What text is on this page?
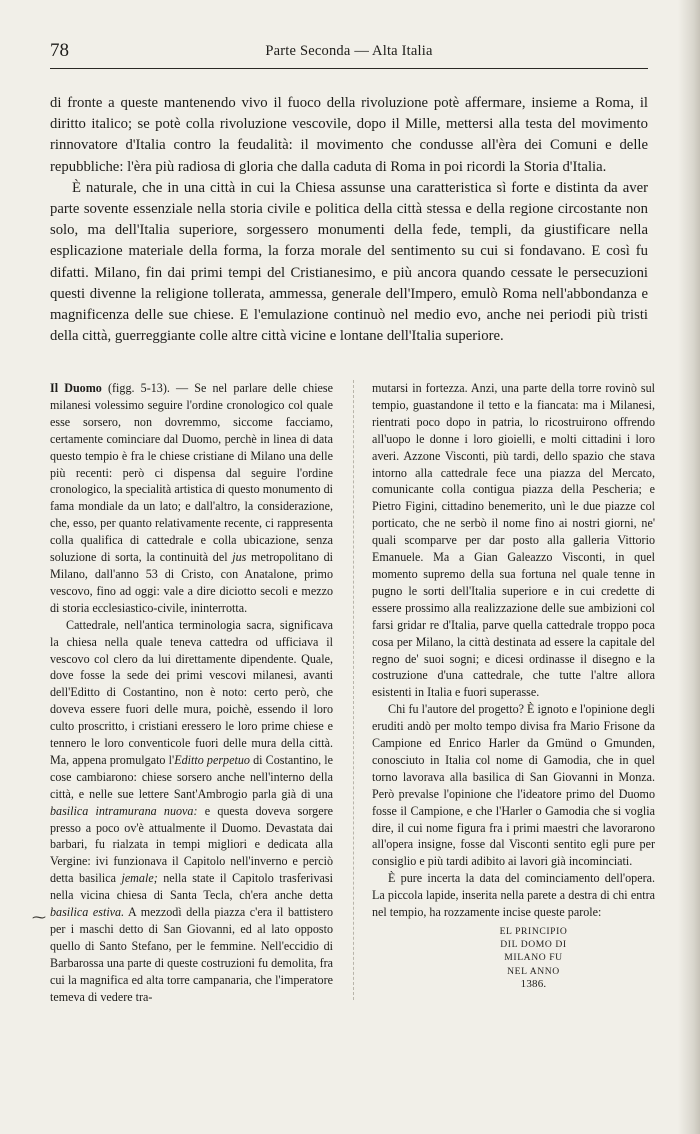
78	Parte Seconda — Alta Italia

di fronte a queste mantenendo vivo il fuoco della rivoluzione potè affermare, insieme a Roma, il diritto italico; se potè colla rivoluzione vescovile, dopo il Mille, mettersi alla testa del movimento rinnovatore d'Italia contro la feudalità: il movimento che condusse all'èra dei Comuni e delle repubbliche: l'èra più radiosa di gloria che dalla caduta di Roma in poi ricordi la Storia d'Italia.

È naturale, che in una città in cui la Chiesa assunse una caratteristica sì forte e distinta da aver parte sovente essenziale nella storia civile e politica della città stessa e della regione circostante non solo, ma dell'Italia superiore, sorgessero monumenti della fede, templi, da giustificare nella esplicazione materiale della forma, la forza morale del sentimento su cui si fondavano. E così fu difatti. Milano, fin dai primi tempi del Cristianesimo, e più ancora quando cessate le persecuzioni questi divenne la religione tollerata, ammessa, generale dell'Impero, emulò Roma nell'abbondanza e magnificenza delle sue chiese. E l'emulazione continuò nel medio evo, anche nei periodi più tristi della città, guerreggiante colle altre città vicine e lontane dell'Italia superiore.

Il Duomo (figg. 5-13). — Se nel parlare delle chiese milanesi volessimo seguire l'ordine cronologico col quale esse sorsero, non dovremmo, siccome facciamo, certamente cominciare dal Duomo, perchè in linea di data questo tempio è fra le chiese cristiane di Milano una delle più recenti: però ci dispensa dal seguire l'ordine cronologico, la specialità artistica di questo monumento di fama mondiale da un lato; e dall'altro, la considerazione, che, esso, per quanto relativamente recente, ci rappresenta colla qualifica di cattedrale e colla ubicazione, senza soluzione di sorta, la continuità del jus metropolitano di Milano, dall'anno 53 di Cristo, con Anatalone, primo vescovo, fino ad oggi: vale a dire diciotto secoli e mezzo di storia ecclesiastico-civile, ininterrotta.

Cattedrale, nell'antica terminologia sacra, significava la chiesa nella quale teneva cattedra od ufficiava il vescovo col clero da lui direttamente dipendente. Quale, dove fosse la sede dei primi vescovi milanesi, avanti dell'Editto di Costantino, non è noto: certo però, che doveva essere fuori delle mura, poichè, essendo il loro culto proscritto, i cristiani eressero le loro prime chiese e tennero le loro conventicole fuori delle mura della città. Ma, appena promulgato l'Editto perpetuo di Costantino, le cose cambiarono: chiese sorsero anche nell'interno della città, e nelle sue lettere Sant'Ambrogio parla già di una basilica intramurana nuova: e questa doveva sorgere presso a poco ov'è attualmente il Duomo. Devastata dai barbari, fu rialzata in tempi migliori e dedicata alla Vergine: ivi funzionava il Capitolo nell'inverno e perciò detta basilica jemale; nella state il Capitolo trasferivasi nella vicina chiesa di Santa Tecla, ch'era anche detta basilica estiva. A mezzodì della piazza c'era il battistero per i maschi detto di San Giovanni, ed al lato opposto quello di Santo Stefano, per le femmine. Nell'eccidio di Barbarossa una parte di queste costruzioni fu demolita, fra cui la magnifica ed alta torre campanaria, che l'imperatore temeva di vedere tra-

mutarsi in fortezza. Anzi, una parte della torre rovinò sul tempio, guastandone il tetto e la fiancata: ma i Milanesi, rientrati poco dopo in patria, lo ricostruirono offrendo all'uopo le donne i loro gioielli, e molti cittadini i loro averi. Azzone Visconti, più tardi, dello spazio che stava intorno alla cattedrale fece una piazza del Mercato, comunicante colla contigua piazza della Pescheria; e Pietro Figini, cittadino benemerito, unì le due piazze col porticato, che ne serbò il nome fino ai nostri giorni, ne' quali scomparve per dar posto alla galleria Vittorio Emanuele. Ma a Gian Galeazzo Visconti, in quel momento supremo della sua fortuna nel quale tenne in pugno le sorti dell'Italia superiore e in cui credette di essere prossimo alla realizzazione delle sue ambizioni col farsi gridar re d'Italia, parve quella cattedrale troppo poca cosa per Milano, la città destinata ad essere la capitale del regno de' suoi sogni; e dicesi ordinasse il disegno e la costruzione d'una cattedrale, che tutte l'altre allora esistenti in Italia e fuori superasse.

Chi fu l'autore del progetto? È ignoto e l'opinione degli eruditi andò per molto tempo divisa fra Mario Frisone da Campione ed Enrico Harler da Gmünd o Gmunden, conosciuto in Italia col nome di Gamodia, che in quel torno lavorava alla basilica di San Giovanni in Monza. Però prevalse l'opinione che l'ideatore primo del Duomo fosse il Campione, e che l'Harler o Gamodia che si voglia dire, il cui nome figura fra i primi maestri che lavorarono all'opera insigne, fosse dal Visconti sentito egli pure per consiglio e più tardi adibito ai lavori già incominciati.

È pure incerta la data del cominciamento dell'opera. La piccola lapide, inserita nella parete a destra di chi entra nel tempio, ha rozzamente incise queste parole:

EL PRINCIPIO
DIL DOMO DI
MILANO FU
NEL ANNO
1386.
⁓
